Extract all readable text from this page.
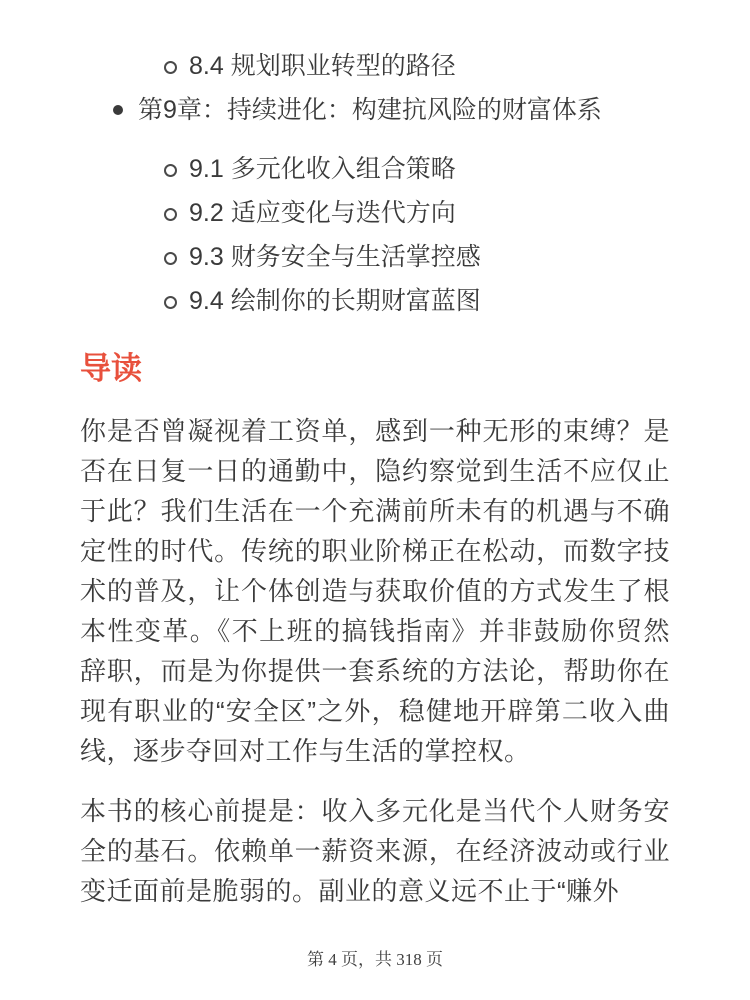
8.4 规划职业转型的路径
第9章：持续进化：构建抗风险的财富体系
9.1 多元化收入组合策略
9.2 适应变化与迭代方向
9.3 财务安全与生活掌控感
9.4 绘制你的长期财富蓝图
导读

你是否曾凝视着工资单，感到一种无形的束缚？是否在日复一日的通勤中，隐约察觉到生活不应仅止于此？我们生活在一个充满前所未有的机遇与不确定性的时代。传统的职业阶梯正在松动，而数字技术的普及，让个体创造与获取价值的方式发生了根本性变革。《不上班的搞钱指南》并非鼓励你贸然辞职，而是为你提供一套系统的方法论，帮助你在现有职业的“安全区”之外，稳健地开辟第二收入曲线，逐步夺回对工作与生活的掌控权。

本书的核心前提是：收入多元化是当代个人财务安全的基石。依赖单一薪资来源，在经济波动或行业变迁面前是脆弱的。副业的意义远不止于“赚外

第 4 页，共 318 页
